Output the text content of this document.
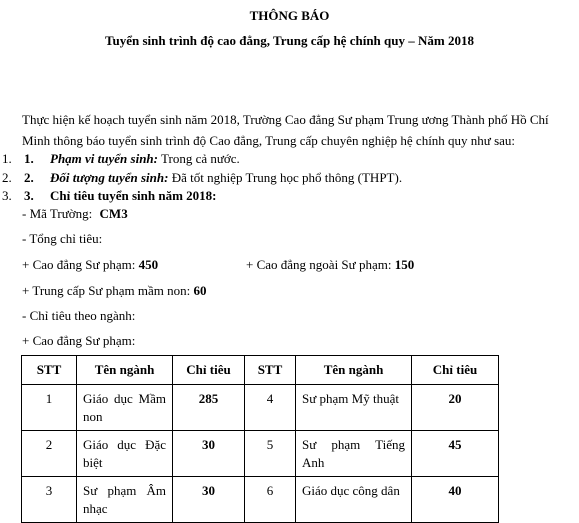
THÔNG BÁO
Tuyển sinh trình độ cao đẳng, Trung cấp hệ chính quy – Năm 2018
Thực hiện kế hoạch tuyển sinh năm 2018, Trường Cao đẳng Sư phạm Trung ương Thành phố Hồ Chí Minh thông báo tuyển sinh trình độ Cao đẳng, Trung cấp chuyên nghiệp hệ chính quy như sau:
1. 1. Phạm vi tuyển sinh: Trong cả nước.
2. 2. Đối tượng tuyển sinh: Đã tốt nghiệp Trung học phổ thông (THPT).
3. 3. Chỉ tiêu tuyển sinh năm 2018:
- Mã Trường: CM3
- Tổng chỉ tiêu:
+ Cao đẳng Sư phạm: 450	+ Cao đẳng ngoài Sư phạm: 150
+ Trung cấp Sư phạm mầm non: 60
- Chỉ tiêu theo ngành:
+ Cao đẳng Sư phạm:
STT	Tên ngành	Chỉ tiêu	STT	Tên ngành	Chỉ tiêu
1	Giáo dục Mầm non	285	4	Sư phạm Mỹ thuật	20
2	Giáo dục Đặc biệt	30	5	Sư phạm Tiếng Anh	45
3	Sư phạm Âm nhạc	30	6	Giáo dục công dân	40
